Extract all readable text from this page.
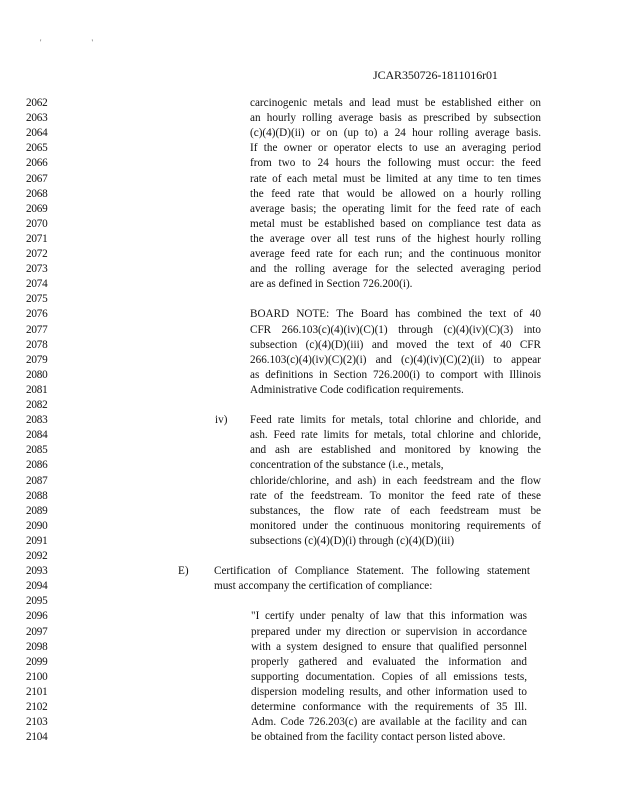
' '
JCAR350726-1811016r01
2062	carcinogenic metals and lead must be established either on
2063	an hourly rolling average basis as prescribed by subsection
2064	(c)(4)(D)(ii) or on (up to) a 24 hour rolling average basis.
2065	If the owner or operator elects to use an averaging period
2066	from two to 24 hours the following must occur: the feed
2067	rate of each metal must be limited at any time to ten times
2068	the feed rate that would be allowed on a hourly rolling
2069	average basis; the operating limit for the feed rate of each
2070	metal must be established based on compliance test data as
2071	the average over all test runs of the highest hourly rolling
2072	average feed rate for each run; and the continuous monitor
2073	and the rolling average for the selected averaging period
2074	are as defined in Section 726.200(i).
2075
2076	BOARD NOTE: The Board has combined the text of 40
2077	CFR 266.103(c)(4)(iv)(C)(1) through (c)(4)(iv)(C)(3) into
2078	subsection (c)(4)(D)(iii) and moved the text of 40 CFR
2079	266.103(c)(4)(iv)(C)(2)(i) and (c)(4)(iv)(C)(2)(ii) to appear
2080	as definitions in Section 726.200(i) to comport with Illinois
2081	Administrative Code codification requirements.
2082
2083	iv) Feed rate limits for metals, total chlorine and chloride, and
2084	ash. Feed rate limits for metals, total chlorine and chloride,
2085	and ash are established and monitored by knowing the
2086	concentration of the substance (i.e., metals,
2087	chloride/chlorine, and ash) in each feedstream and the flow
2088	rate of the feedstream. To monitor the feed rate of these
2089	substances, the flow rate of each feedstream must be
2090	monitored under the continuous monitoring requirements of
2091	subsections (c)(4)(D)(i) through (c)(4)(D)(iii)
2092
2093	E) Certification of Compliance Statement. The following statement
2094	must accompany the certification of compliance:
2095
2096	"I certify under penalty of law that this information was
2097	prepared under my direction or supervision in accordance
2098	with a system designed to ensure that qualified personnel
2099	properly gathered and evaluated the information and
2100	supporting documentation. Copies of all emissions tests,
2101	dispersion modeling results, and other information used to
2102	determine conformance with the requirements of 35 Ill.
2103	Adm. Code 726.203(c) are available at the facility and can
2104	be obtained from the facility contact person listed above.
